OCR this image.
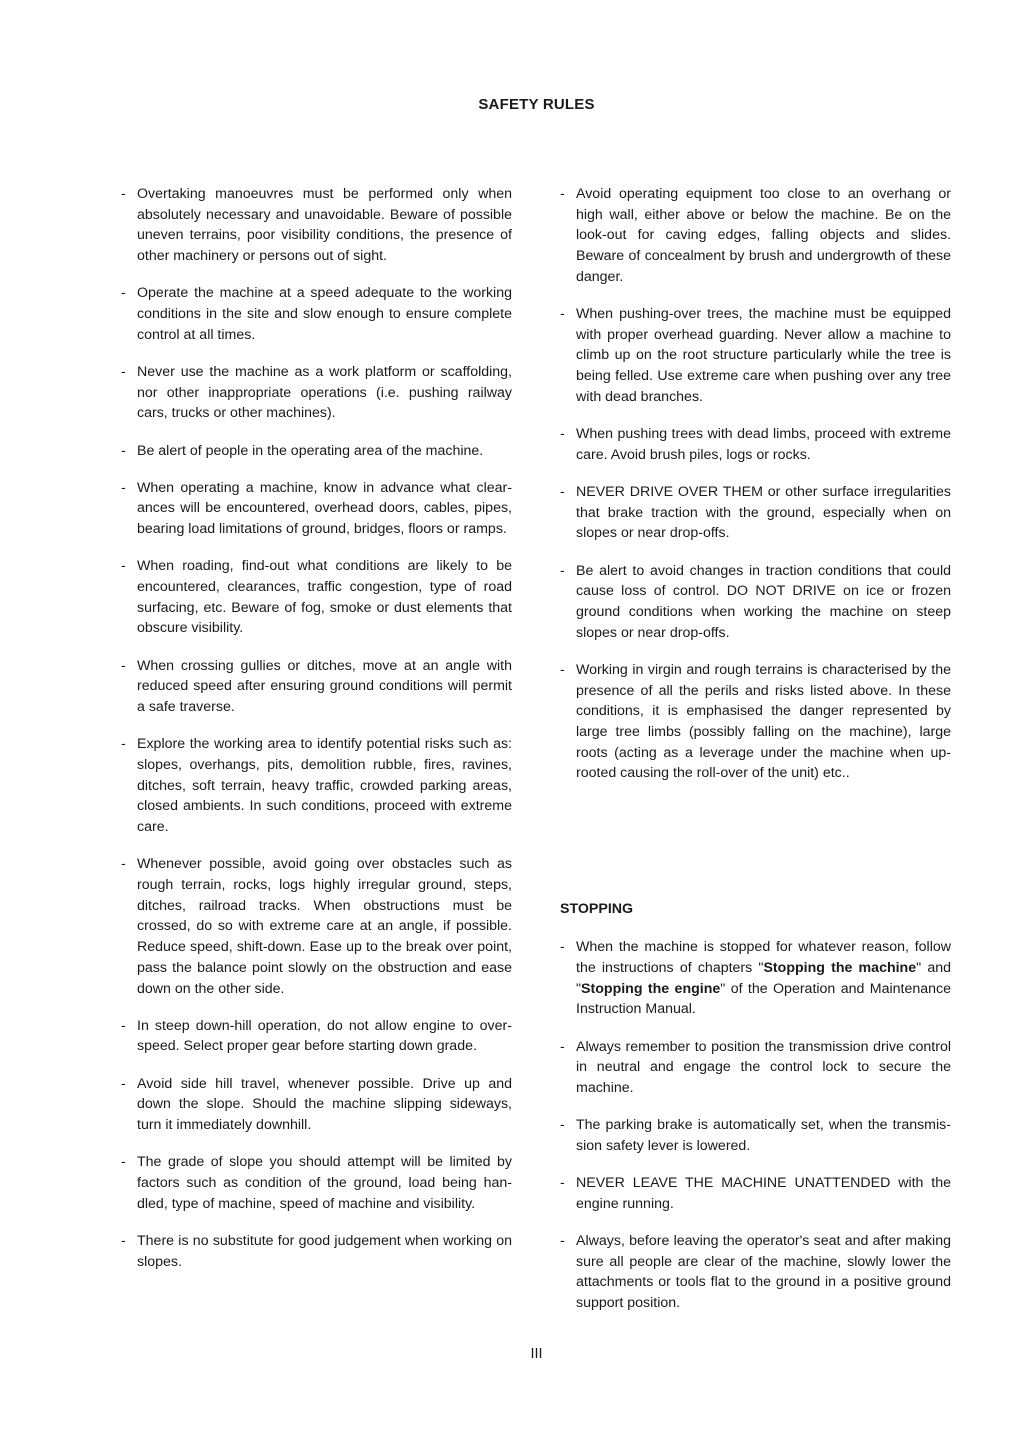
SAFETY RULES
- Overtaking manoeuvres must be performed only when absolutely necessary and unavoidable. Beware of possible uneven terrains, poor visibility conditions, the presence of other machinery or persons out of sight.
- Operate the machine at a speed adequate to the working conditions in the site and slow enough to ensure complete control at all times.
- Never use the machine as a work platform or scaffolding, nor other inappropriate operations (i.e. pushing railway cars, trucks or other machines).
- Be alert of people in the operating area of the machine.
- When operating a machine, know in advance what clearances will be encountered, overhead doors, cables, pipes, bearing load limitations of ground, bridges, floors or ramps.
- When roading, find-out what conditions are likely to be encountered, clearances, traffic congestion, type of road surfacing, etc. Beware of fog, smoke or dust elements that obscure visibility.
- When crossing gullies or ditches, move at an angle with reduced speed after ensuring ground conditions will permit a safe traverse.
- Explore the working area to identify potential risks such as: slopes, overhangs, pits, demolition rubble, fires, ravines, ditches, soft terrain, heavy traffic, crowded parking areas, closed ambients. In such conditions, proceed with extreme care.
- Whenever possible, avoid going over obstacles such as rough terrain, rocks, logs highly irregular ground, steps, ditches, railroad tracks. When obstructions must be crossed, do so with extreme care at an angle, if possible. Reduce speed, shift-down. Ease up to the break over point, pass the balance point slowly on the obstruction and ease down on the other side.
- In steep down-hill operation, do not allow engine to overspeed. Select proper gear before starting down grade.
- Avoid side hill travel, whenever possible. Drive up and down the slope. Should the machine slipping sideways, turn it immediately downhill.
- The grade of slope you should attempt will be limited by factors such as condition of the ground, load being handled, type of machine, speed of machine and visibility.
- There is no substitute for good judgement when working on slopes.
- Avoid operating equipment too close to an overhang or high wall, either above or below the machine. Be on the look-out for caving edges, falling objects and slides. Beware of concealment by brush and undergrowth of these danger.
- When pushing-over trees, the machine must be equipped with proper overhead guarding. Never allow a machine to climb up on the root structure particularly while the tree is being felled. Use extreme care when pushing over any tree with dead branches.
- When pushing trees with dead limbs, proceed with extreme care. Avoid brush piles, logs or rocks.
- NEVER DRIVE OVER THEM or other surface irregularities that brake traction with the ground, especially when on slopes or near drop-offs.
- Be alert to avoid changes in traction conditions that could cause loss of control. DO NOT DRIVE on ice or frozen ground conditions when working the machine on steep slopes or near drop-offs.
- Working in virgin and rough terrains is characterised by the presence of all the perils and risks listed above. In these conditions, it is emphasised the danger represented by large tree limbs (possibly falling on the machine), large roots (acting as a leverage under the machine when uprooted causing the roll-over of the unit) etc..
STOPPING
- When the machine is stopped for whatever reason, follow the instructions of chapters "Stopping the machine" and "Stopping the engine" of the Operation and Maintenance Instruction Manual.
- Always remember to position the transmission drive control in neutral and engage the control lock to secure the machine.
- The parking brake is automatically set, when the transmission safety lever is lowered.
- NEVER LEAVE THE MACHINE UNATTENDED with the engine running.
- Always, before leaving the operator's seat and after making sure all people are clear of the machine, slowly lower the attachments or tools flat to the ground in a positive ground support position.
III
